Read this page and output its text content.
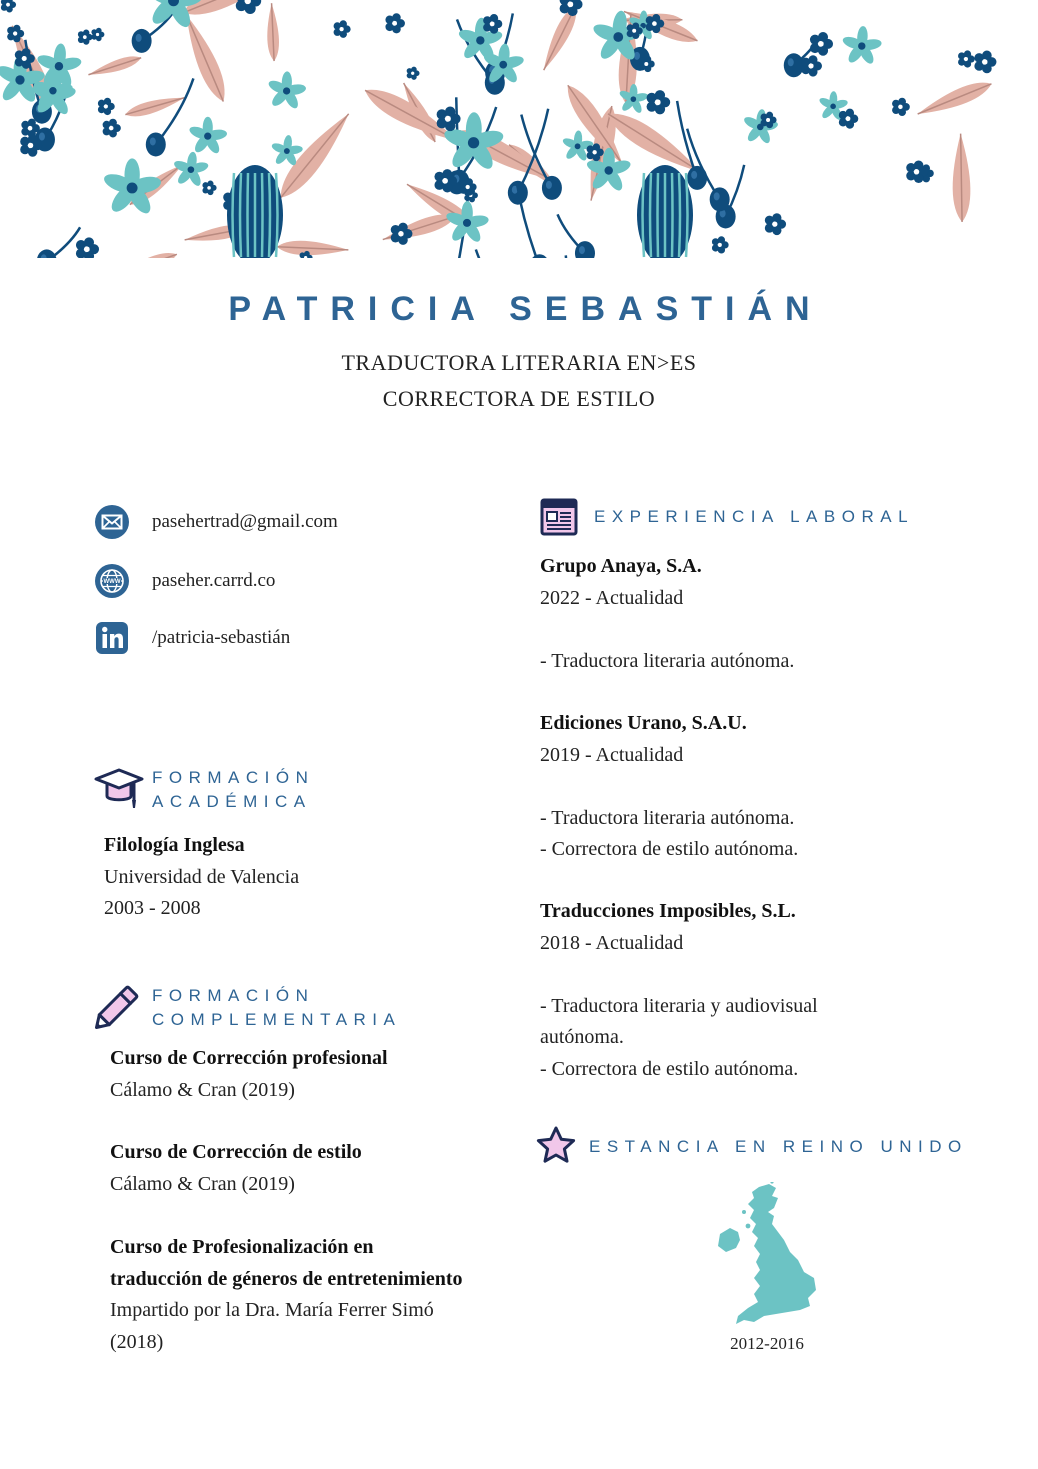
PATRICIA SEBASTIÁN
TRADUCTORA LITERARIA EN>ES
CORRECTORA DE ESTILO
pasehertrad@gmail.com
WWW paseher.carrd.co
/patricia-sebastián
FORMACIÓN
ACADÉMICA
Filología Inglesa
Universidad de Valencia
2003 - 2008
FORMACIÓN
COMPLEMENTARIA
Curso de Corrección profesional
Cálamo & Cran (2019)
Curso de Corrección de estilo
Cálamo & Cran (2019)
Curso de Profesionalización en
traducción de géneros de entretenimiento
Impartido por la Dra. María Ferrer Simó
(2018)
EXPERIENCIA LABORAL
Grupo Anaya, S.A.
2022 - Actualidad

- Traductora literaria autónoma.
Ediciones Urano, S.A.U.
2019 - Actualidad

- Traductora literaria autónoma.
- Correctora de estilo autónoma.
Traducciones Imposibles, S.L.
2018 - Actualidad

- Traductora literaria y audiovisual
autónoma.
- Correctora de estilo autónoma.
ESTANCIA EN REINO UNIDO
2012-2016
